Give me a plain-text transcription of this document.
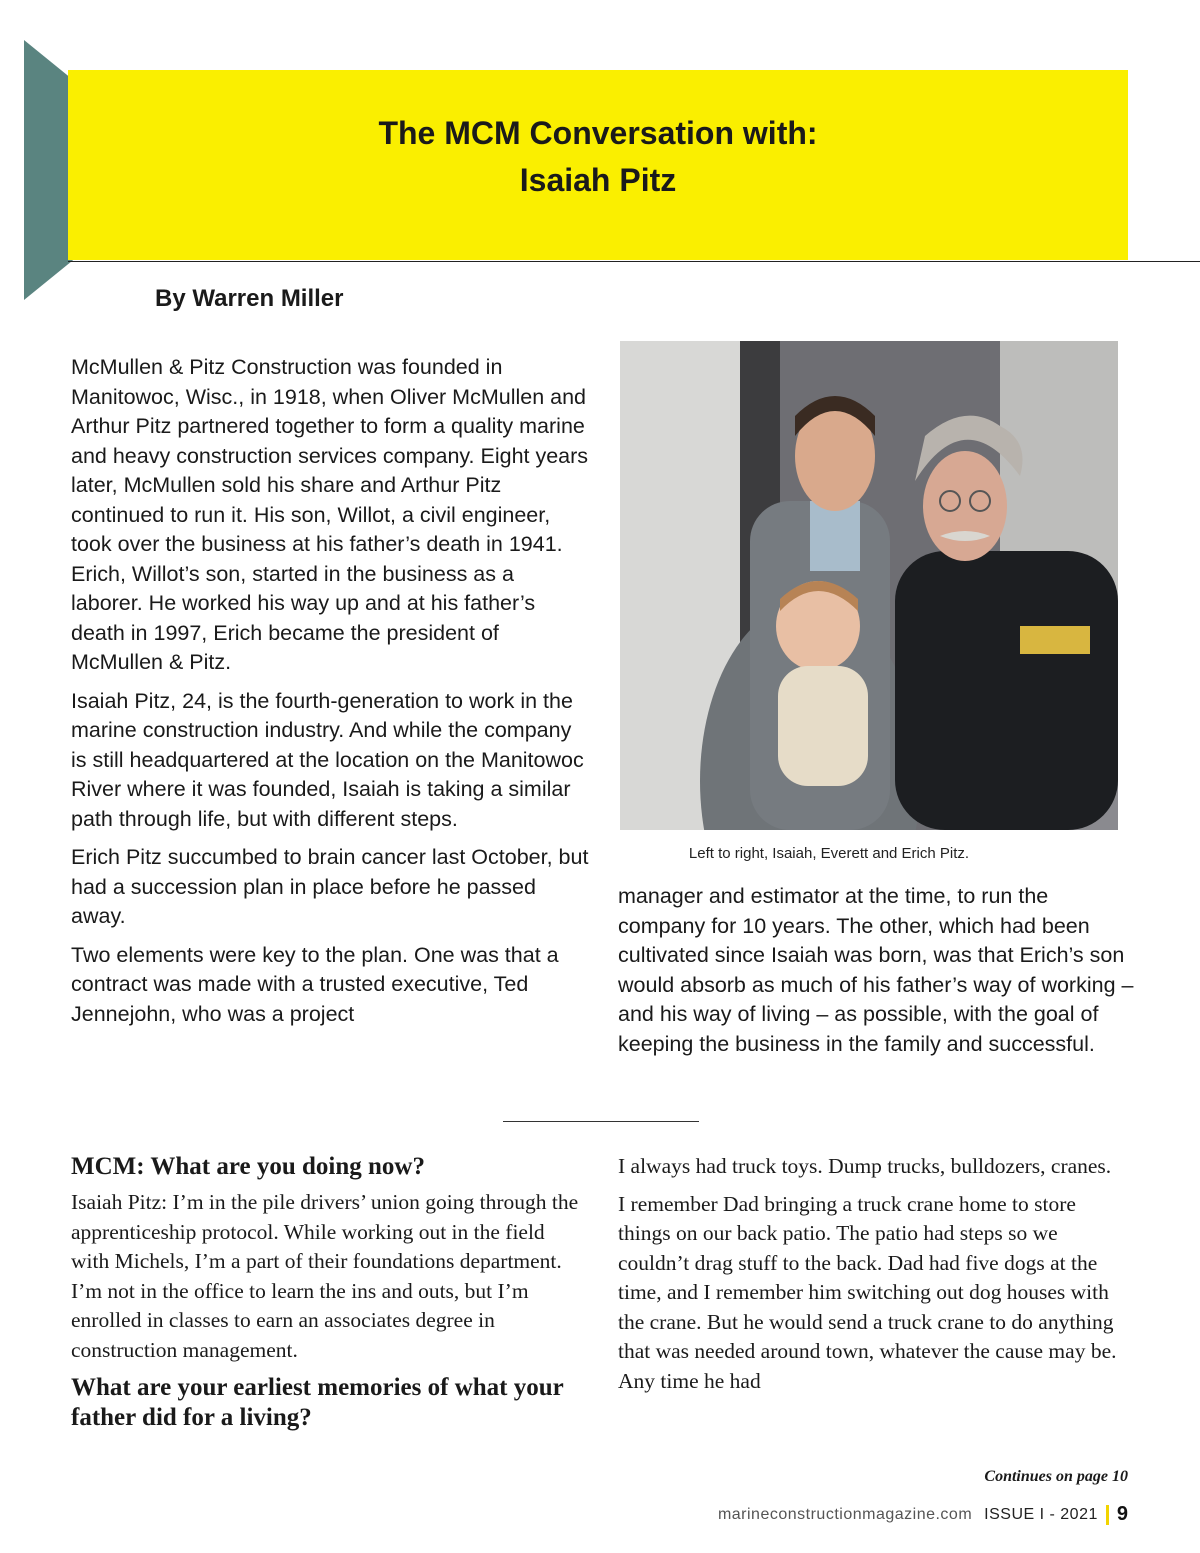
The MCM Conversation with:
Isaiah Pitz
By Warren Miller

McMullen & Pitz Construction was founded in Manitowoc, Wisc., in 1918, when Oliver McMullen and Arthur Pitz partnered together to form a quality marine and heavy construction services company. Eight years later, McMullen sold his share and Arthur Pitz continued to run it. His son, Willot, a civil engineer, took over the business at his father’s death in 1941. Erich, Willot’s son, started in the business as a laborer. He worked his way up and at his father’s death in 1997, Erich became the president of McMullen & Pitz.

Isaiah Pitz, 24, is the fourth-generation to work in the marine construction industry. And while the company is still headquartered at the location on the Manitowoc River where it was founded, Isaiah is taking a similar path through life, but with different steps.

Erich Pitz succumbed to brain cancer last October, but had a succession plan in place before he passed away.

Two elements were key to the plan. One was that a contract was made with a trusted executive, Ted Jennejohn, who was a project

Left to right, Isaiah, Everett and Erich Pitz.

manager and estimator at the time, to run the company for 10 years. The other, which had been cultivated since Isaiah was born, was that Erich’s son would absorb as much of his father’s way of working – and his way of living – as possible, with the goal of keeping the business in the family and successful.

MCM: What are you doing now?

Isaiah Pitz: I’m in the pile drivers’ union going through the apprenticeship protocol. While working out in the field with Michels, I’m a part of their foundations department. I’m not in the office to learn the ins and outs, but I’m enrolled in classes to earn an associates degree in construction management.

What are your earliest memories of what your father did for a living?

I always had truck toys. Dump trucks, bulldozers, cranes.

I remember Dad bringing a truck crane home to store things on our back patio. The patio had steps so we couldn’t drag stuff to the back. Dad had five dogs at the time, and I remember him switching out dog houses with the crane. But he would send a truck crane to do anything that was needed around town, whatever the cause may be. Any time he had

Continues on page 10
marineconstructionmagazine.com ISSUE I - 2021 9
